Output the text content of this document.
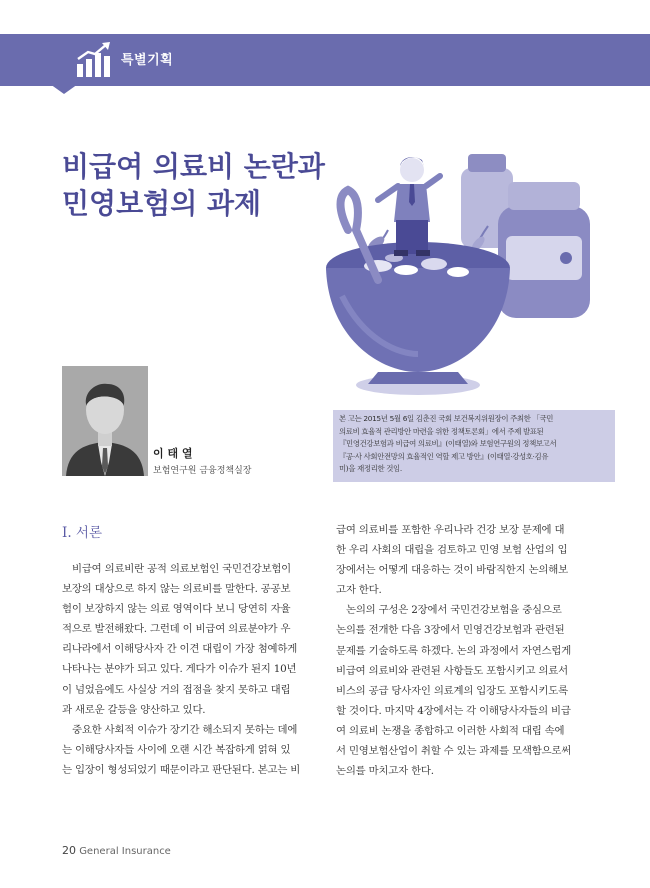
특별기획
비급여 의료비 논란과
민영보험의 과제
이 태 열
보험연구원 금융정책실장
본 고는 2015년 5월 6일 김춘진 국회 보건복지위원장이 주최한 「국민
의료비 효율적 관리방안 마련을 위한 정책토론회」에서 주제 발표된
『민영건강보험과 비급여 의료비』(이태열)와 보험연구원의 정책보고서
『공·사 사회안전망의 효율적인 역할 제고 방안』(이태열·강성호·김유
미)을 재정리한 것임.
Ⅰ. 서론
비급여 의료비란 공적 의료보험인 국민건강보험이
보장의 대상으로 하지 않는 의료비를 말한다. 공공보
험이 보장하지 않는 의료 영역이다 보니 당연히 자율
적으로 발전해왔다. 그런데 이 비급여 의료분야가 우
리나라에서 이해당사자 간 이견 대립이 가장 첨예하게
나타나는 분야가 되고 있다. 게다가 이슈가 된지 10년
이 넘었음에도 사실상 거의 접점을 찾지 못하고 대립
과 새로운 갈등을 양산하고 있다.
중요한 사회적 이슈가 장기간 해소되지 못하는 데에
는 이해당사자들 사이에 오랜 시간 복잡하게 얽혀 있
는 입장이 형성되었기 때문이라고 판단된다. 본고는 비
급여 의료비를 포함한 우리나라 건강 보장 문제에 대
한 우리 사회의 대립을 검토하고 민영 보험 산업의 입
장에서는 어떻게 대응하는 것이 바람직한지 논의해보
고자 한다.
논의의 구성은 2장에서 국민건강보험을 중심으로
논의를 전개한 다음 3장에서 민영건강보험과 관련된
문제를 기술하도록 하겠다. 논의 과정에서 자연스럽게
비급여 의료비와 관련된 사항들도 포함시키고 의료서
비스의 공급 당사자인 의료계의 입장도 포함시키도록
할 것이다. 마지막 4장에서는 각 이해당사자들의 비급
여 의료비 논쟁을 종합하고 이러한 사회적 대립 속에
서 민영보험산업이 취할 수 있는 과제를 모색함으로써
논의를 마치고자 한다.
20 General Insurance
